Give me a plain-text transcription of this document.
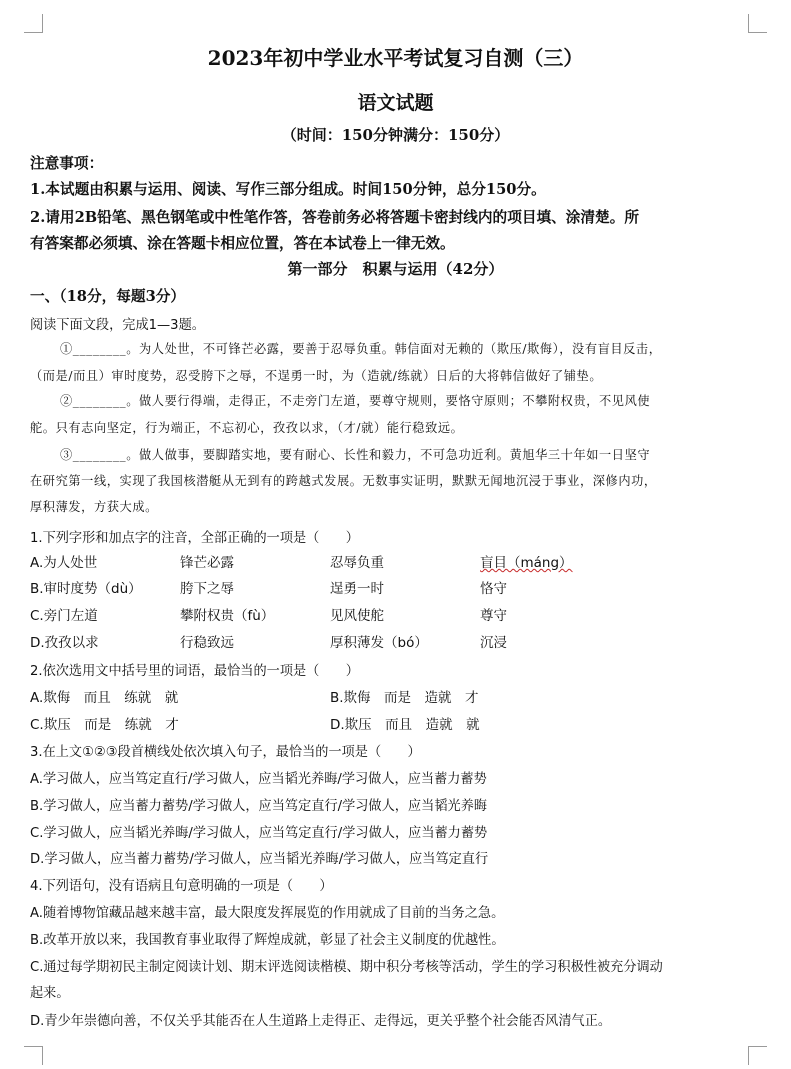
2023年初中学业水平考试复习自测（三）
语文试题
（时间：150分钟满分：150分）
注意事项：
1.本试题由积累与运用、阅读、写作三部分组成。时间150分钟，总分150分。
2.请用2B铅笔、黑色钢笔或中性笔作答，答卷前务必将答题卡密封线内的项目填、涂清楚。所
有答案都必须填、涂在答题卡相应位置，答在本试卷上一律无效。
第一部分　积累与运用（42分）
一、（18分，每题3分）
阅读下面文段，完成1—3题。
①________。为人处世，不可锋芒必露，要善于忍辱负重。韩信面对无赖的（欺压/欺侮），没有盲目反击，
（而是/而且）审时度势，忍受胯下之辱，不逞勇一时，为（造就/练就）日后的大将韩信做好了铺垫。
②________。做人要行得端，走得正，不走旁门左道，要尊守规则，要恪守原则；不攀附权贵，不见风使
舵。只有志向坚定，行为端正，不忘初心，孜孜以求，（才/就）能行稳致远。
③________。做人做事，要脚踏实地，要有耐心、长性和毅力，不可急功近利。黄旭华三十年如一日坚守
在研究第一线，实现了我国核潜艇从无到有的跨越式发展。无数事实证明，默默无闻地沉浸于事业，深修内功，
厚积薄发，方获大成。
1.下列字形和加点字的注音，全部正确的一项是（　　）
A.为人处世	锋芒必露	忍辱负重	盲目（máng）
B.审时度势（dù）	胯下之辱	逞勇一时	恪守
C.旁门左道	攀附权贵（fù）	见风使舵	尊守
D.孜孜以求	行稳致远	厚积薄发（bó）	沉浸
2.依次选用文中括号里的词语，最恰当的一项是（　　）
A.欺侮　而且　练就　就	B.欺侮　而是　造就　才
C.欺压　而是　练就　才	D.欺压　而且　造就　就
3.在上文①②③段首横线处依次填入句子，最恰当的一项是（　　）
A.学习做人，应当笃定直行/学习做人，应当韬光养晦/学习做人，应当蓄力蓄势
B.学习做人，应当蓄力蓄势/学习做人，应当笃定直行/学习做人，应当韬光养晦
C.学习做人，应当韬光养晦/学习做人，应当笃定直行/学习做人，应当蓄力蓄势
D.学习做人，应当蓄力蓄势/学习做人，应当韬光养晦/学习做人，应当笃定直行
4.下列语句，没有语病且句意明确的一项是（　　）
A.随着博物馆藏品越来越丰富，最大限度发挥展览的作用就成了目前的当务之急。
B.改革开放以来，我国教育事业取得了辉煌成就，彰显了社会主义制度的优越性。
C.通过每学期初民主制定阅读计划、期末评选阅读楷模、期中积分考核等活动，学生的学习积极性被充分调动
起来。
D.青少年崇德向善，不仅关乎其能否在人生道路上走得正、走得远，更关乎整个社会能否风清气正。
